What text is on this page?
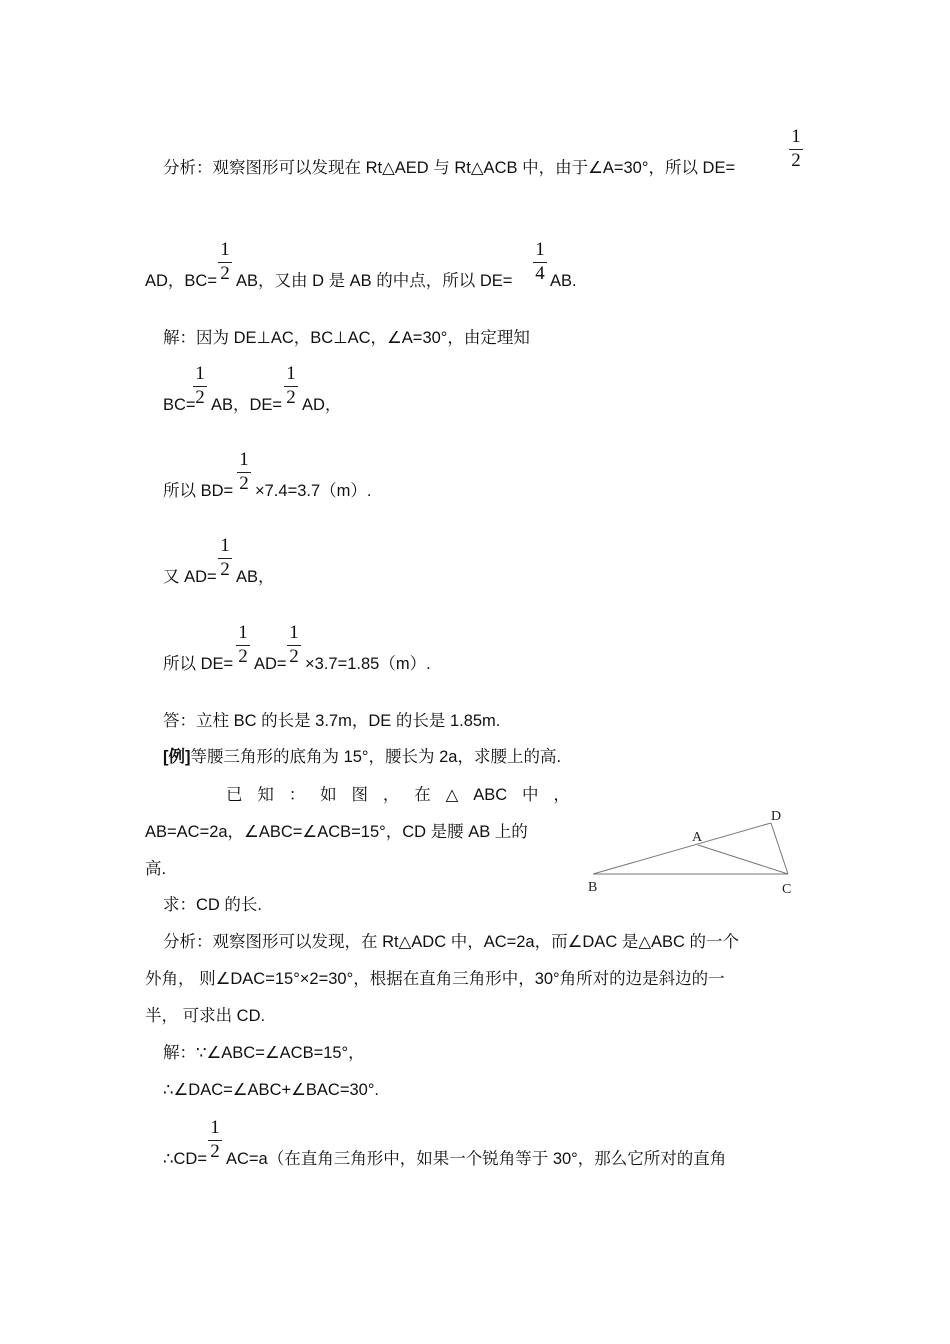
1
2
分析：观察图形可以发现在 Rt△AED 与 Rt△ACB 中，由于∠A=30°，所以 DE=
AD，BC=
1
2 AB，又由 D 是 AB 的中点，所以 DE=
1
4 AB.
解：因为 DE⊥AC，BC⊥AC，∠A=30°，由定理知
BC=
1
2 AB，DE=
1
2 AD，
所以 BD=
1
2 ×7.4=3.7（m）.
又 AD=
1
2 AB，
所以 DE=
1
2 AD=
1
2 ×3.7=1.85（m）.
答：立柱 BC 的长是 3.7m，DE 的长是 1.85m.
[例]等腰三角形的底角为 15°，腰长为 2a，求腰上的高.
已 知 ： 如 图 ， 在 △ ABC 中 ，
AB=AC=2a，∠ABC=∠ACB=15°，CD 是腰 AB 上的
高.
求：CD 的长.
A
B	C
D
分析：观察图形可以发现，在 Rt△ADC 中，AC=2a，而∠DAC 是△ABC 的一个
外角， 则∠DAC=15°×2=30°，根据在直角三角形中，30°角所对的边是斜边的一
半， 可求出 CD.
解：∵∠ABC=∠ACB=15°，
∴∠DAC=∠ABC+∠BAC=30°.
∴CD=
1
2 AC=a（在直角三角形中，如果一个锐角等于 30°，那么它所对的直角
